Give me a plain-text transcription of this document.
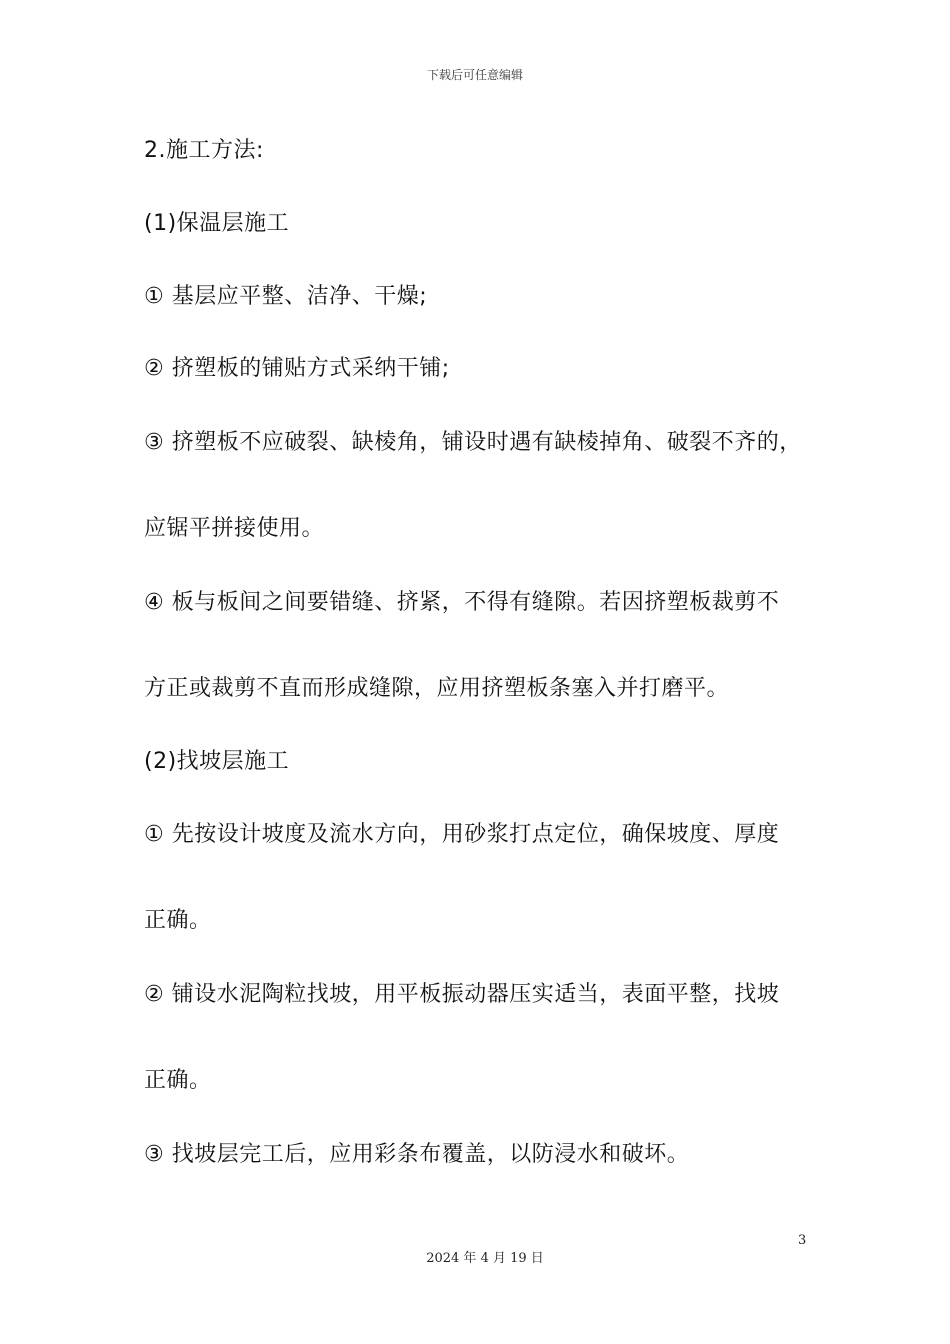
下载后可任意编辑
2.施工方法:
(1)保温层施工
① 基层应平整、洁净、干燥;
② 挤塑板的铺贴方式采纳干铺;
③ 挤塑板不应破裂、缺棱角，铺设时遇有缺棱掉角、破裂不齐的，
应锯平拼接使用。
④ 板与板间之间要错缝、挤紧，不得有缝隙。若因挤塑板裁剪不
方正或裁剪不直而形成缝隙，应用挤塑板条塞入并打磨平。
(2)找坡层施工
① 先按设计坡度及流水方向，用砂浆打点定位，确保坡度、厚度
正确。
② 铺设水泥陶粒找坡，用平板振动器压实适当，表面平整，找坡
正确。
③ 找坡层完工后，应用彩条布覆盖，以防浸水和破坏。
3
2024 年 4 月 19 日
